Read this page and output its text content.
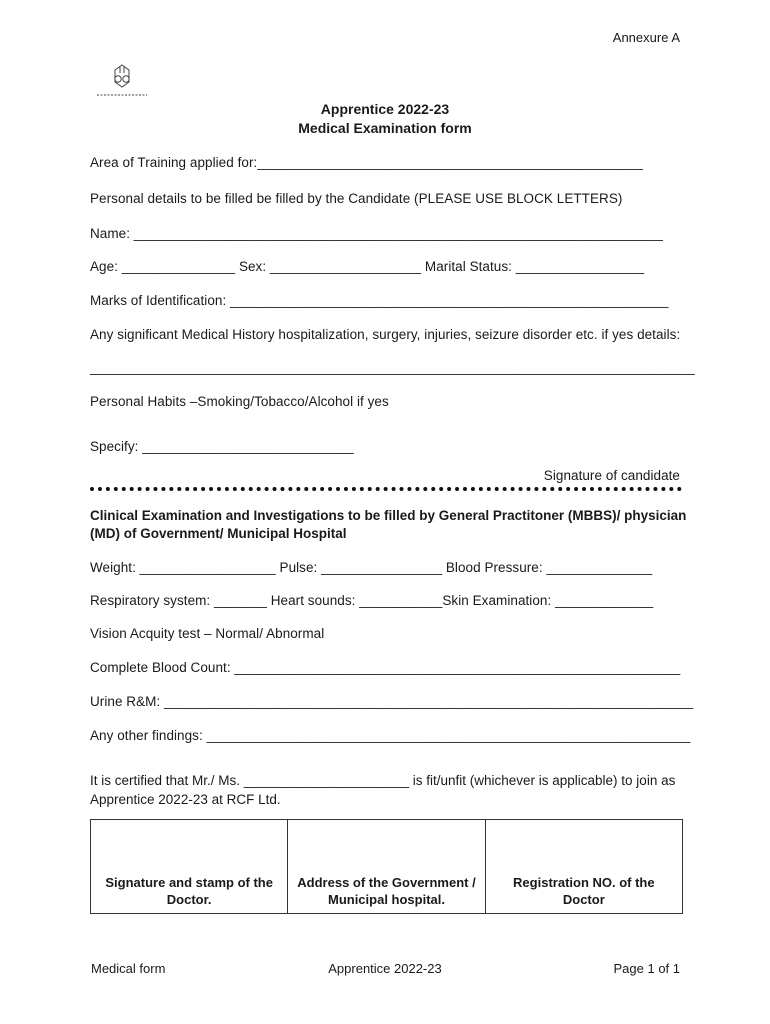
Annexure A
Apprentice 2022-23
Medical Examination form
Area of Training applied for:___________________________________________________
Personal details to be filled be filled by the Candidate (PLEASE USE BLOCK LETTERS)
Name: ______________________________________________________________________
Age: _______________ Sex: ____________________ Marital Status: _________________
Marks of Identification: __________________________________________________________
Any significant Medical History hospitalization, surgery, injuries, seizure disorder etc. if yes details:
________________________________________________________________________________
Personal Habits –Smoking/Tobacco/Alcohol if yes
Specify: ____________________________
Signature of candidate
Clinical Examination and Investigations to be filled by General Practitoner (MBBS)/ physician (MD) of Government/ Municipal Hospital
Weight: __________________ Pulse: ________________ Blood Pressure: ______________
Respiratory system: _______ Heart sounds: ___________Skin Examination: _____________
Vision Acquity test – Normal/ Abnormal
Complete Blood Count: ___________________________________________________________
Urine R&M: ______________________________________________________________________
Any other findings: ________________________________________________________________
It is certified that Mr./ Ms. ______________________ is fit/unfit (whichever is applicable) to join as Apprentice 2022-23 at RCF Ltd.
Signature and stamp of the Doctor.	Address of the Government / Municipal hospital.	Registration NO. of the Doctor
Medical form	Apprentice 2022-23	Page 1 of 1
